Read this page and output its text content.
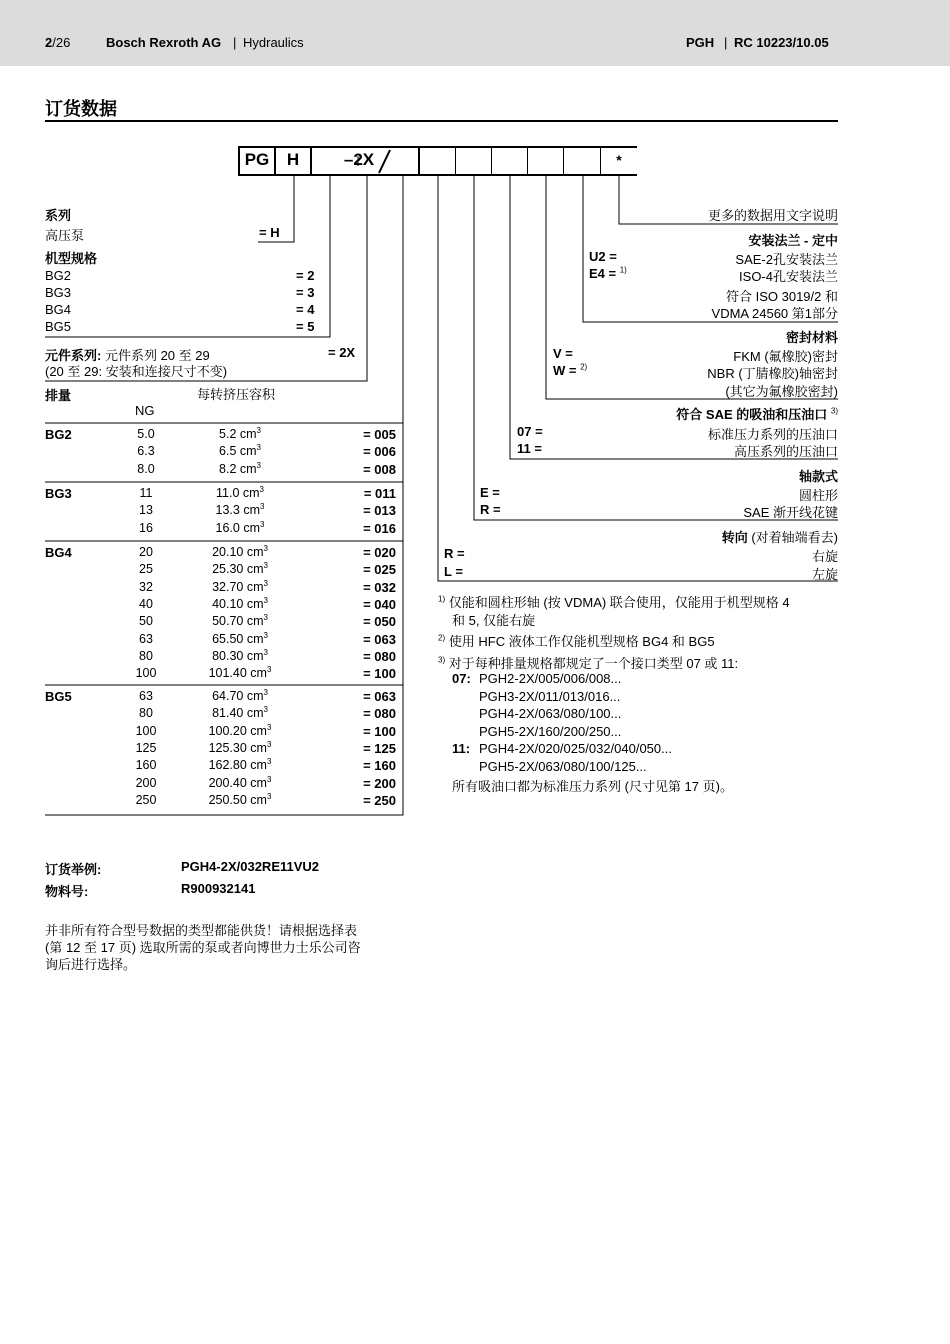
2/26	Bosch Rexroth AG | Hydraulics	PGH | RC 10223/10.05
订货数据
PG	H	–2X	*
系列
高压泵	= H
机型规格
BG2	= 2
BG3	= 3
BG4	= 4
BG5	= 5
元件系列: 元件系列 20 至 29	= 2X
(20 至 29: 安装和连接尺寸不变)
排量	每转挤压容积
NG
BG2	5.0	5.2 $cm^3$	= 005
6.3	6.5 $cm^3$	= 006
8.0	8.2 $cm^3$	= 008
BG3	11	11.0 $cm^3$	= 011
13	13.3 $cm^3$	= 013
16	16.0 $cm^3$	= 016
BG4	20	20.10 $cm^3$	= 020
25	25.30 $cm^3$	= 025
32	32.70 $cm^3$	= 032
40	40.10 $cm^3$	= 040
50	50.70 $cm^3$	= 050
63	65.50 $cm^3$	= 063
80	80.30 $cm^3$	= 080
100	101.40 $cm^3$	= 100
BG5	63	64.70 $cm^3$	= 063
80	81.40 $cm^3$	= 080
100	100.20 $cm^3$	= 100
125	125.30 $cm^3$	= 125
160	162.80 $cm^3$	= 160
200	200.40 $cm^3$	= 200
250	250.50 $cm^3$	= 250
更多的数据用文字说明
安装法兰 - 定中
U2 =	SAE-2孔安装法兰
E4 = $^{1)}$	ISO-4孔安装法兰
符合 ISO 3019/2 和
VDMA 24560 第1部分
密封材料
V =	FKM (氟橡胶)密封
W = $^{2)}$	NBR (丁腈橡胶)轴密封
(其它为氟橡胶密封)
符合 SAE 的吸油和压油口 $^{3)}$
07 =	标准压力系列的压油口
11 =	高压系列的压油口
轴款式
E =	圆柱形
R =	SAE 渐开线花键
转向 (对着轴端看去)
R =	右旋
L =	左旋
$^{1)}$ 仅能和圆柱形轴 (按 VDMA) 联合使用，仅能用于机型规格 4
和 5, 仅能右旋
$^{2)}$ 使用 HFC 液体工作仅能机型规格 BG4 和 BG5
$^{3)}$ 对于每种排量规格都规定了一个接口类型 07 或 11:
07: PGH2-2X/005/006/008...
PGH3-2X/011/013/016...
PGH4-2X/063/080/100...
PGH5-2X/160/200/250...
11: PGH4-2X/020/025/032/040/050...
PGH5-2X/063/080/100/125...
所有吸油口都为标准压力系列 (尺寸见第 17 页)。
订货举例:	PGH4-2X/032RE11VU2
物料号:	R900932141
并非所有符合型号数据的类型都能供货！请根据选择表
(第 12 至 17 页) 选取所需的泵或者向博世力士乐公司咨
询后进行选择。
